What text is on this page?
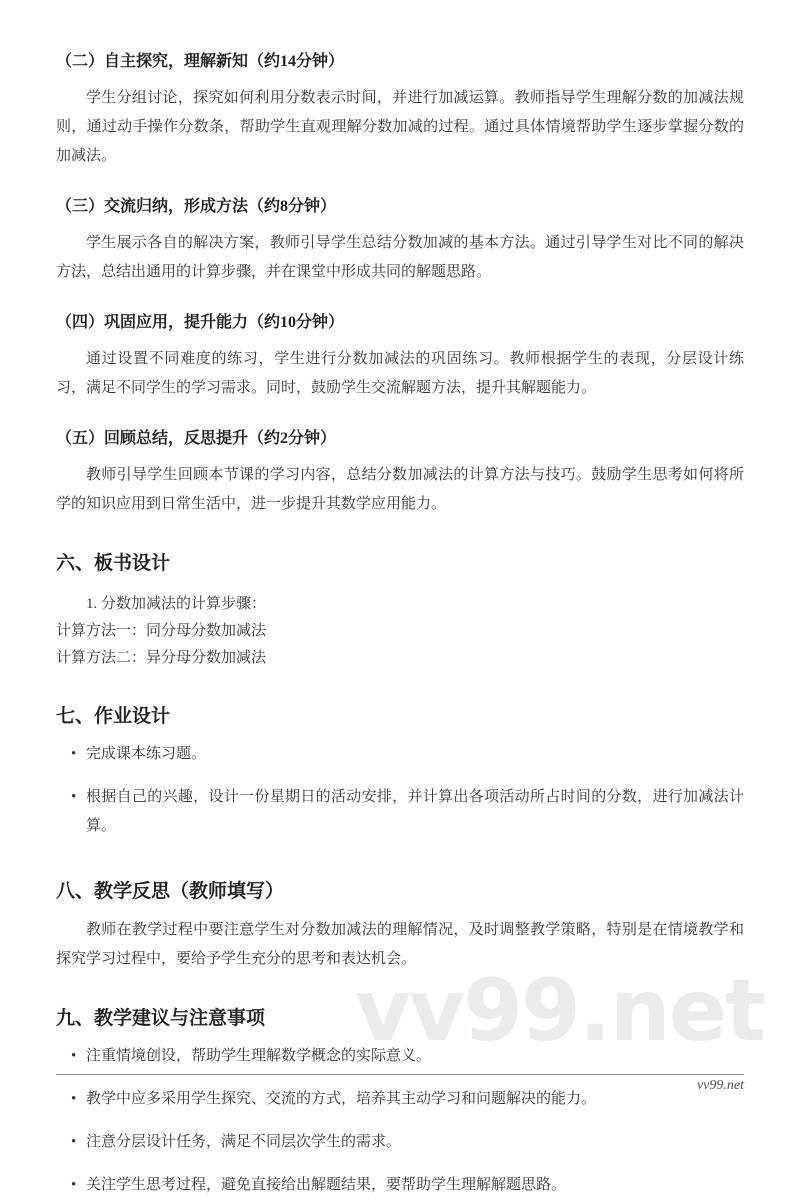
vv99.net
（二）自主探究，理解新知（约14分钟）

学生分组讨论，探究如何利用分数表示时间，并进行加减运算。教师指导学生理解分数的加减法规则，通过动手操作分数条，帮助学生直观理解分数加减的过程。通过具体情境帮助学生逐步掌握分数的加减法。

（三）交流归纳，形成方法（约8分钟）

学生展示各自的解决方案，教师引导学生总结分数加减的基本方法。通过引导学生对比不同的解决方法，总结出通用的计算步骤，并在课堂中形成共同的解题思路。

（四）巩固应用，提升能力（约10分钟）

通过设置不同难度的练习，学生进行分数加减法的巩固练习。教师根据学生的表现，分层设计练习，满足不同学生的学习需求。同时，鼓励学生交流解题方法，提升其解题能力。

（五）回顾总结，反思提升（约2分钟）

教师引导学生回顾本节课的学习内容，总结分数加减法的计算方法与技巧。鼓励学生思考如何将所学的知识应用到日常生活中，进一步提升其数学应用能力。

六、板书设计

1. 分数加减法的计算步骤：

计算方法一：同分母分数加减法

计算方法二：异分母分数加减法

七、作业设计
• 完成课本练习题。
• 根据自己的兴趣，设计一份星期日的活动安排，并计算出各项活动所占时间的分数，进行加减法计算。
八、教学反思（教师填写）

教师在教学过程中要注意学生对分数加减法的理解情况，及时调整教学策略，特别是在情境教学和探究学习过程中，要给予学生充分的思考和表达机会。

九、教学建议与注意事项
• 注重情境创设，帮助学生理解数学概念的实际意义。
• 教学中应多采用学生探究、交流的方式，培养其主动学习和问题解决的能力。
• 注意分层设计任务，满足不同层次学生的需求。
• 关注学生思考过程，避免直接给出解题结果，要帮助学生理解解题思路。
vv99.net
